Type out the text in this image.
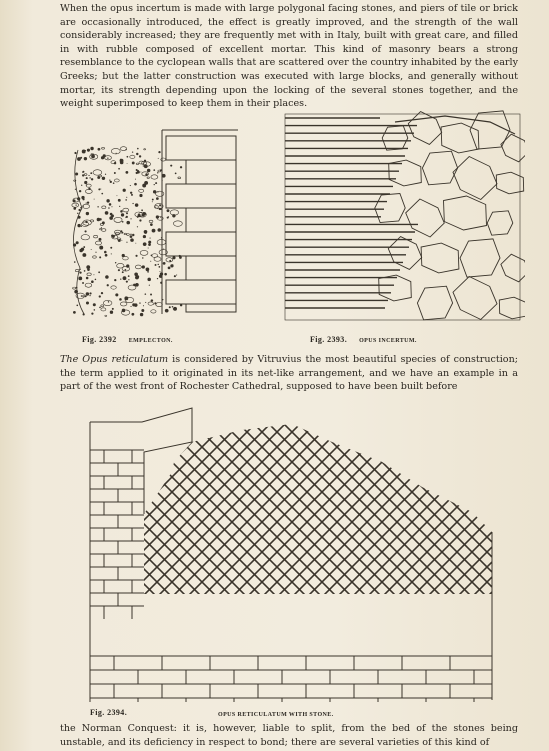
When the opus incertum is made with large polygonal facing stones, and piers of tile or brick are occasionally introduced, the effect is greatly improved, and the strength of the wall considerably increased; they are frequently met with in Italy, built with great care, and filled in with rubble composed of excellent mortar. This kind of masonry bears a strong resemblance to the cyclopean walls that are scattered over the country inhabited by the early Greeks; but the latter construction was executed with large blocks, and generally without mortar, its strength depending upon the locking of the several stones together, and the weight superimposed to keep them in their places.

Fig. 2392 EMPLECTON.	Fig. 2393. OPUS INCERTUM.

The Opus reticulatum is considered by Vitruvius the most beautiful species of construction; the term applied to it originated in its net-like arrangement, and we have an example in a part of the west front of Rochester Cathedral, supposed to have been built before

Fig. 2394.	OPUS RETICULATUM WITH STONE.

the Norman Conquest: it is, however, liable to split, from the bed of the stones being unstable, and its deficiency in respect to bond; there are several varieties of this kind of
